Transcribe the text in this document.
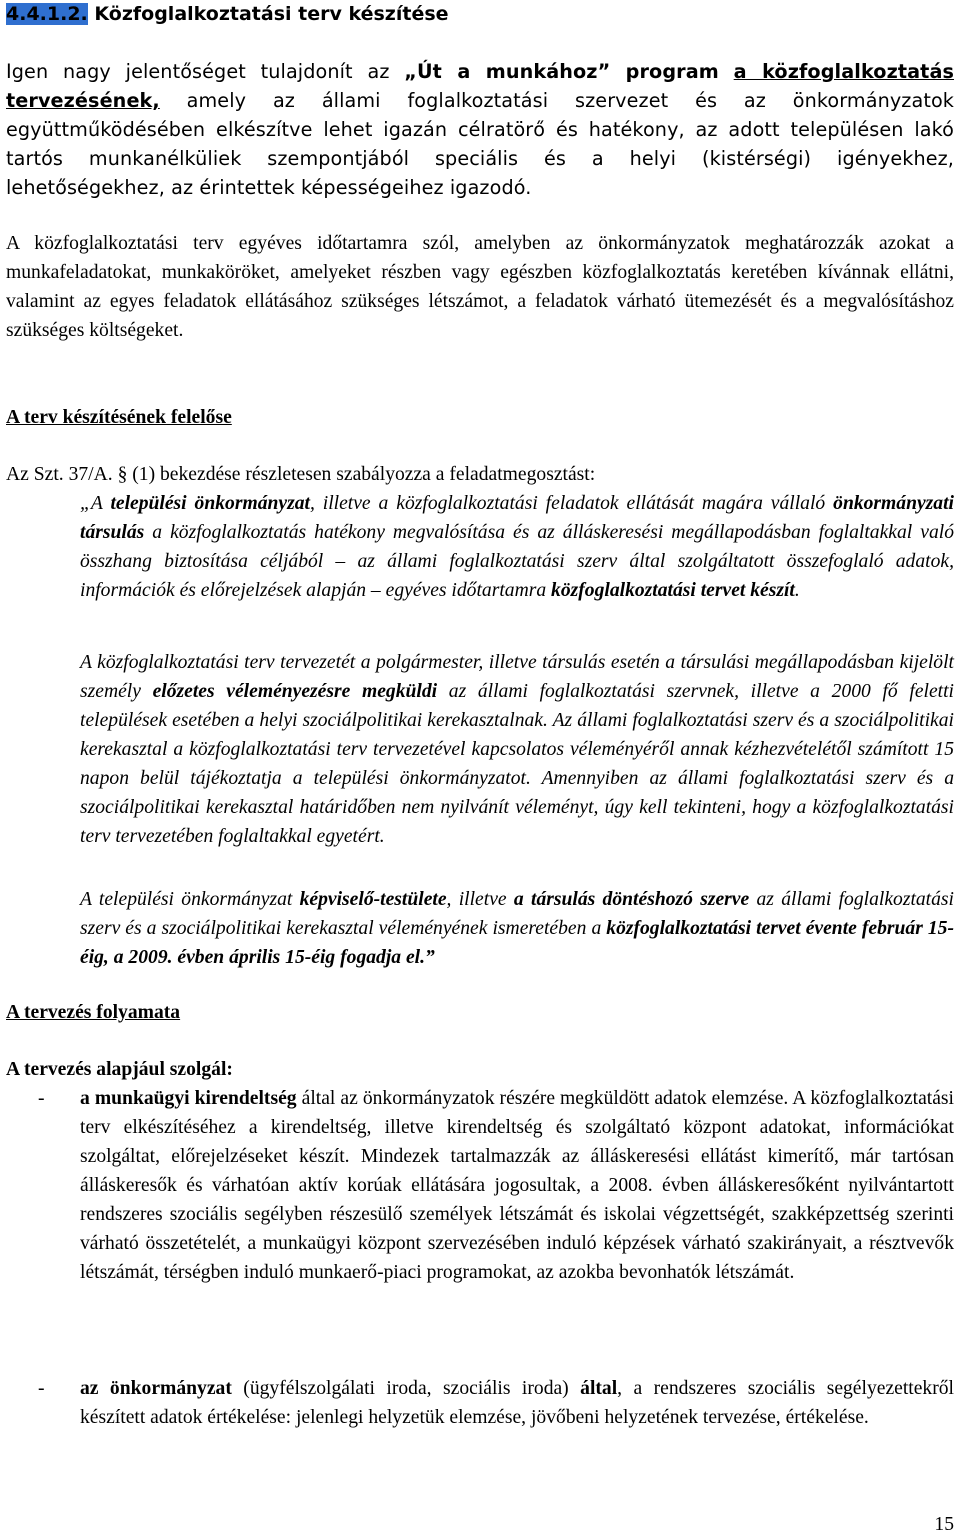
4.4.1.2. Közfoglalkoztatási terv készítése
Igen nagy jelentőséget tulajdonít az „Út a munkához” program a közfoglalkoztatás tervezésének, amely az állami foglalkoztatási szervezet és az önkormányzatok együttműködésében elkészítve lehet igazán célratörő és hatékony, az adott településen lakó tartós munkanélküliek szempontjából speciális és a helyi (kistérségi) igényekhez, lehetőségekhez, az érintettek képességeihez igazodó.
A közfoglalkoztatási terv egyéves időtartamra szól, amelyben az önkormányzatok meghatározzák azokat a munkafeladatokat, munkaköröket, amelyeket részben vagy egészben közfoglalkoztatás keretében kívánnak ellátni, valamint az egyes feladatok ellátásához szükséges létszámot, a feladatok várható ütemezését és a megvalósításhoz szükséges költségeket.
A terv készítésének felelőse
Az Szt. 37/A. § (1) bekezdése részletesen szabályozza a feladatmegosztást:
„A települési önkormányzat, illetve a közfoglalkoztatási feladatok ellátását magára vállaló önkormányzati társulás a közfoglalkoztatás hatékony megvalósítása és az álláskeresési megállapodásban foglaltakkal való összhang biztosítása céljából – az állami foglalkoztatási szerv által szolgáltatott összefoglaló adatok, információk és előrejelzések alapján – egyéves időtartamra közfoglalkoztatási tervet készít.
A közfoglalkoztatási terv tervezetét a polgármester, illetve társulás esetén a társulási megállapodásban kijelölt személy előzetes véleményezésre megküldi az állami foglalkoztatási szervnek, illetve a 2000 fő feletti települések esetében a helyi szociálpolitikai kerekasztalnak. Az állami foglalkoztatási szerv és a szociálpolitikai kerekasztal a közfoglalkoztatási terv tervezetével kapcsolatos véleményéről annak kézhezvételétől számított 15 napon belül tájékoztatja a települési önkormányzatot. Amennyiben az állami foglalkoztatási szerv és a szociálpolitikai kerekasztal határidőben nem nyilvánít véleményt, úgy kell tekinteni, hogy a közfoglalkoztatási terv tervezetében foglaltakkal egyetért.
A települési önkormányzat képviselő-testülete, illetve a társulás döntéshozó szerve az állami foglalkoztatási szerv és a szociálpolitikai kerekasztal véleményének ismeretében a közfoglalkoztatási tervet évente február 15-éig, a 2009. évben április 15-éig fogadja el.”
A tervezés folyamata
A tervezés alapjául szolgál:
- a munkaügyi kirendeltség által az önkormányzatok részére megküldött adatok elemzése. A közfoglalkoztatási terv elkészítéséhez a kirendeltség, illetve kirendeltség és szolgáltató központ adatokat, információkat szolgáltat, előrejelzéseket készít. Mindezek tartalmazzák az álláskeresési ellátást kimerítő, már tartósan álláskeresők és várhatóan aktív korúak ellátására jogosultak, a 2008. évben álláskeresőként nyilvántartott rendszeres szociális segélyben részesülő személyek létszámát és iskolai végzettségét, szakképzettség szerinti várható összetételét, a munkaügyi központ szervezésében induló képzések várható szakirányait, a résztvevők létszámát, térségben induló munkaerő-piaci programokat, az azokba bevonhatók létszámát.
- az önkormányzat (ügyfélszolgálati iroda, szociális iroda) által, a rendszeres szociális segélyezettekről készített adatok értékelése: jelenlegi helyzetük elemzése, jövőbeni helyzetének tervezése, értékelése.
15
